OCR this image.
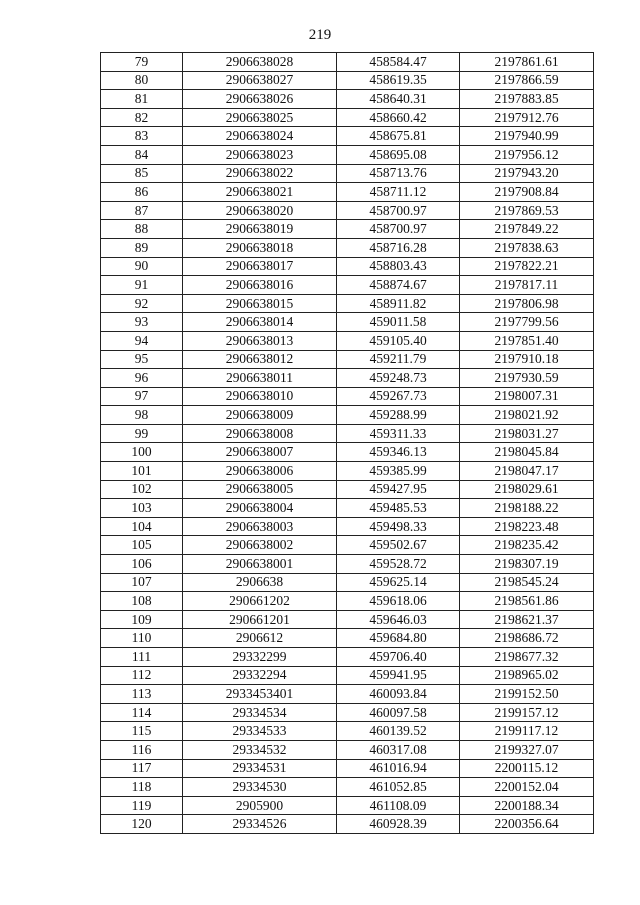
219
79	2906638028	458584.47	2197861.61
80	2906638027	458619.35	2197866.59
81	2906638026	458640.31	2197883.85
82	2906638025	458660.42	2197912.76
83	2906638024	458675.81	2197940.99
84	2906638023	458695.08	2197956.12
85	2906638022	458713.76	2197943.20
86	2906638021	458711.12	2197908.84
87	2906638020	458700.97	2197869.53
88	2906638019	458700.97	2197849.22
89	2906638018	458716.28	2197838.63
90	2906638017	458803.43	2197822.21
91	2906638016	458874.67	2197817.11
92	2906638015	458911.82	2197806.98
93	2906638014	459011.58	2197799.56
94	2906638013	459105.40	2197851.40
95	2906638012	459211.79	2197910.18
96	2906638011	459248.73	2197930.59
97	2906638010	459267.73	2198007.31
98	2906638009	459288.99	2198021.92
99	2906638008	459311.33	2198031.27
100	2906638007	459346.13	2198045.84
101	2906638006	459385.99	2198047.17
102	2906638005	459427.95	2198029.61
103	2906638004	459485.53	2198188.22
104	2906638003	459498.33	2198223.48
105	2906638002	459502.67	2198235.42
106	2906638001	459528.72	2198307.19
107	2906638	459625.14	2198545.24
108	290661202	459618.06	2198561.86
109	290661201	459646.03	2198621.37
110	2906612	459684.80	2198686.72
111	29332299	459706.40	2198677.32
112	29332294	459941.95	2198965.02
113	2933453401	460093.84	2199152.50
114	29334534	460097.58	2199157.12
115	29334533	460139.52	2199117.12
116	29334532	460317.08	2199327.07
117	29334531	461016.94	2200115.12
118	29334530	461052.85	2200152.04
119	2905900	461108.09	2200188.34
120	29334526	460928.39	2200356.64
